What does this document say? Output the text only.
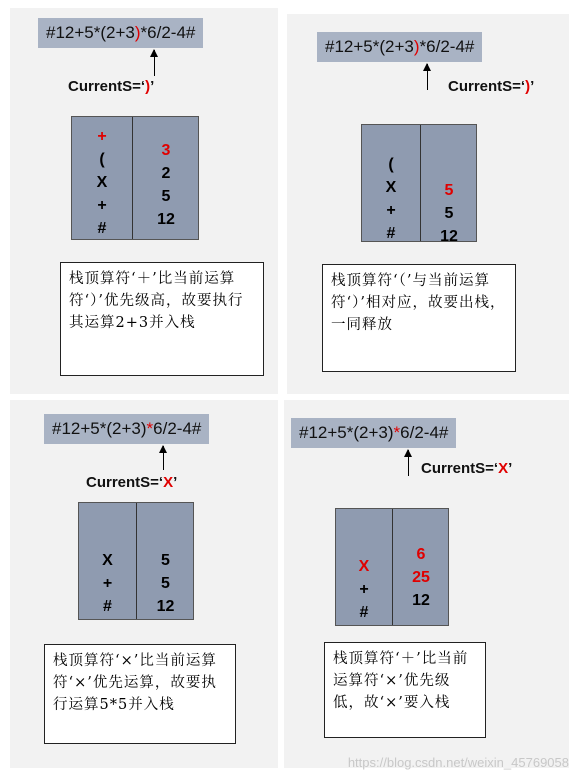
#12+5*(2+3)*6/2-4#
CurrentS=‘)’
+
(
X
+
#
3
2
5
12
栈顶算符‘＋’比当前运算符‘）’优先级高，故要执行其运算2+3并入栈
#12+5*(2+3)*6/2-4#
CurrentS=‘)’
(
X
+
#
5
5
12
栈顶算符‘（’与当前运算符‘）’相对应，故要出栈，一同释放
#12+5*(2+3)*6/2-4#
CurrentS=‘X’
X
+
#
5
5
12
栈顶算符‘×’比当前运算符‘×’优先运算，故要执行运算5*5并入栈
#12+5*(2+3)*6/2-4#
CurrentS=‘X’
X
+
#
6
25
12
栈顶算符‘＋’比当前运算符‘×’优先级低，故‘×’要入栈
https://blog.csdn.net/weixin_45769058
